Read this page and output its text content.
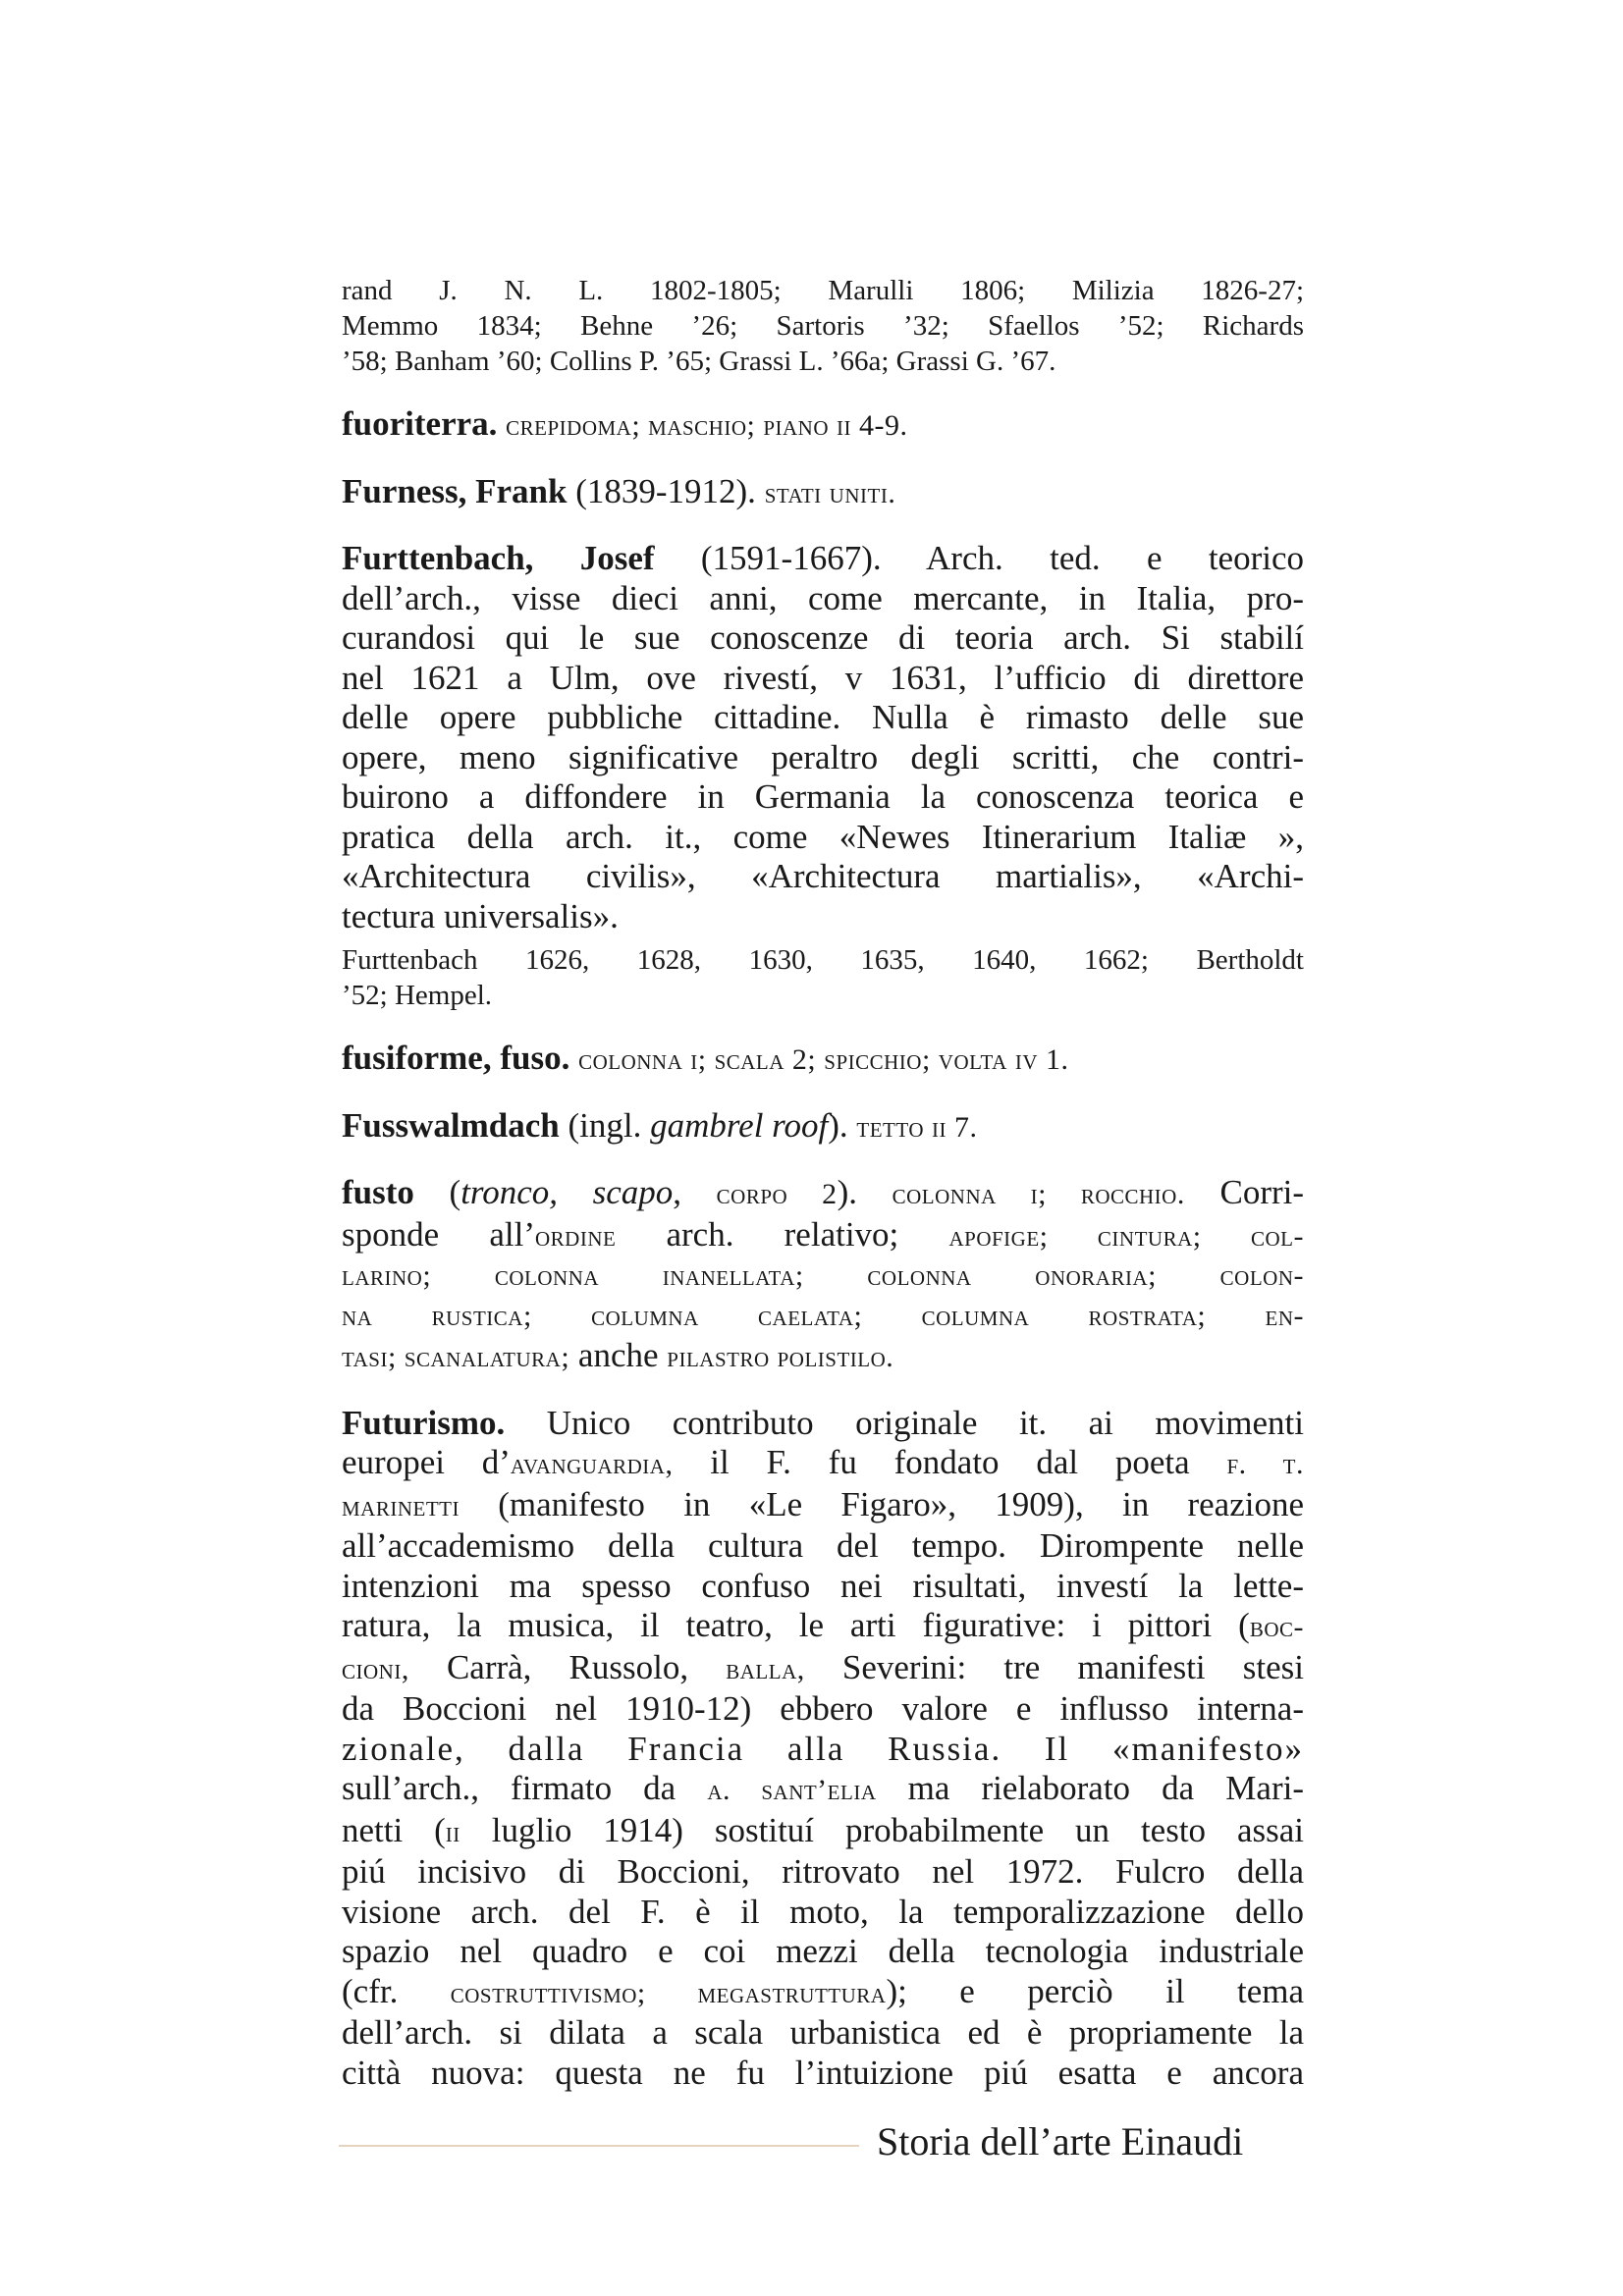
rand J. N. L. 1802-1805; Marulli 1806; Milizia 1826-27;
Memmo 1834; Behne ’26; Sartoris ’32; Sfaellos ’52; Richards
’58; Banham ’60; Collins P. ’65; Grassi L. ’66a; Grassi G. ’67.
fuoriterra. crepidoma; maschio; piano ii 4-9.
Furness, Frank (1839-1912). stati uniti.
Furttenbach, Josef (1591-1667). Arch. ted. e teorico
dell’arch., visse dieci anni, come mercante, in Italia, pro-
curandosi qui le sue conoscenze di teoria arch. Si stabilí
nel 1621 a Ulm, ove rivestí, v 1631, l’ufficio di direttore
delle opere pubbliche cittadine. Nulla è rimasto delle sue
opere, meno significative peraltro degli scritti, che contri-
buirono a diffondere in Germania la conoscenza teorica e
pratica della arch. it., come «Newes Itinerarium Italiæ »,
«Architectura civilis», «Architectura martialis», «Archi-
tectura universalis».
Furttenbach 1626, 1628, 1630, 1635, 1640, 1662; Bertholdt
’52; Hempel.
fusiforme, fuso. colonna i; scala 2; spicchio; volta iv 1.
Fusswalmdach (ingl. gambrel roof). tetto ii 7.
fusto (tronco, scapo, corpo 2). colonna i; rocchio. Corri-
sponde all’ordine arch. relativo; apofige; cintura; col-
larino; colonna inanellata; colonna onoraria; colon-
na rustica; columna caelata; columna rostrata; en-
tasi; scanalatura; anche pilastro polistilo.
Futurismo. Unico contributo originale it. ai movimenti
europei d’avanguardia, il F. fu fondato dal poeta f. t.
marinetti (manifesto in «Le Figaro», 1909), in reazione
all’accademismo della cultura del tempo. Dirompente nelle
intenzioni ma spesso confuso nei risultati, investí la lette-
ratura, la musica, il teatro, le arti figurative: i pittori (boc-
cioni, Carrà, Russolo, balla, Severini: tre manifesti stesi
da Boccioni nel 1910-12) ebbero valore e influsso interna-
zionale, dalla Francia alla Russia. Il «manifesto»
sull’arch., firmato da a. sant’elia ma rielaborato da Mari-
netti (ii luglio 1914) sostituí probabilmente un testo assai
piú incisivo di Boccioni, ritrovato nel 1972. Fulcro della
visione arch. del F. è il moto, la temporalizzazione dello
spazio nel quadro e coi mezzi della tecnologia industriale
(cfr. costruttivismo; megastruttura); e perciò il tema
dell’arch. si dilata a scala urbanistica ed è propriamente la
città nuova: questa ne fu l’intuizione piú esatta e ancora
Storia dell’arte Einaudi
